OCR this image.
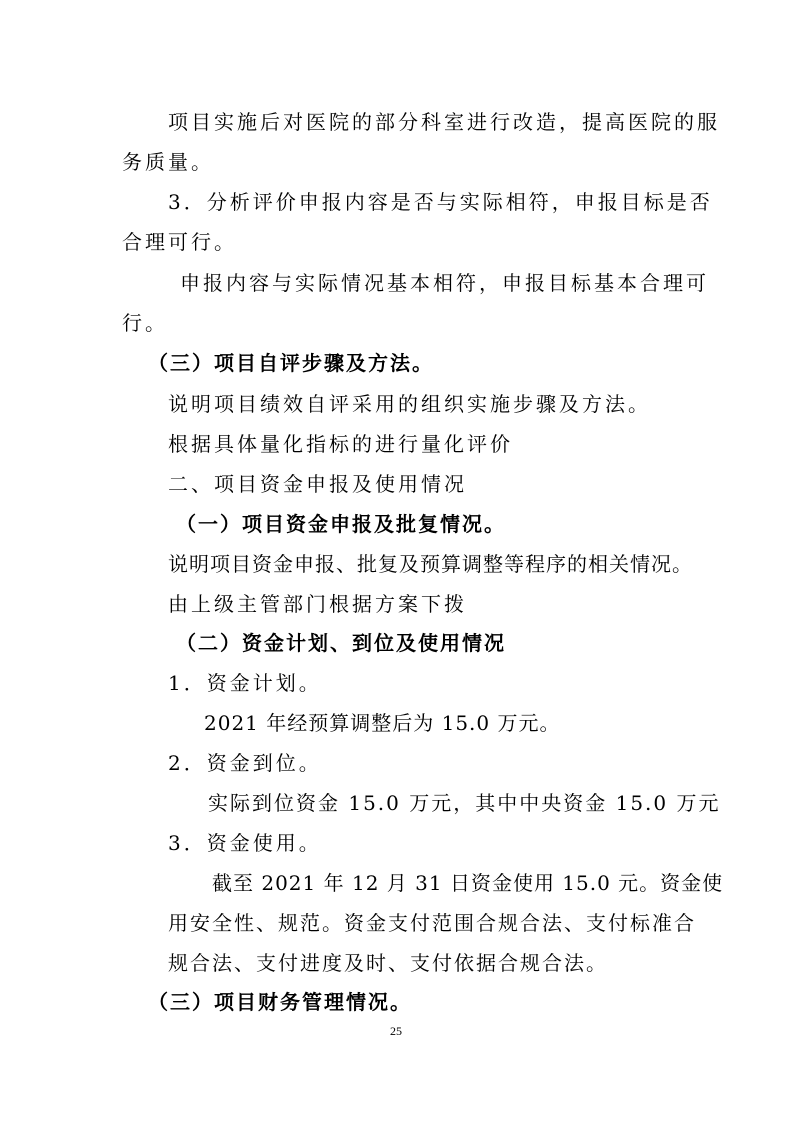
项目实施后对医院的部分科室进行改造，提高医院的服
务质量。
3．分析评价申报内容是否与实际相符，申报目标是否
合理可行。
申报内容与实际情况基本相符，申报目标基本合理可
行。
（三）项目自评步骤及方法。
说明项目绩效自评采用的组织实施步骤及方法。
根据具体量化指标的进行量化评价
二、项目资金申报及使用情况
（一）项目资金申报及批复情况。
说明项目资金申报、批复及预算调整等程序的相关情况。
由上级主管部门根据方案下拨
（二）资金计划、到位及使用情况
1．资金计划。
2021 年经预算调整后为 15.0 万元。
2．资金到位。
实际到位资金 15.0 万元，其中中央资金 15.0 万元
3．资金使用。
截至 2021 年 12 月 31 日资金使用 15.0 元。资金使
用安全性、规范。资金支付范围合规合法、支付标准合
规合法、支付进度及时、支付依据合规合法。
（三）项目财务管理情况。
25
